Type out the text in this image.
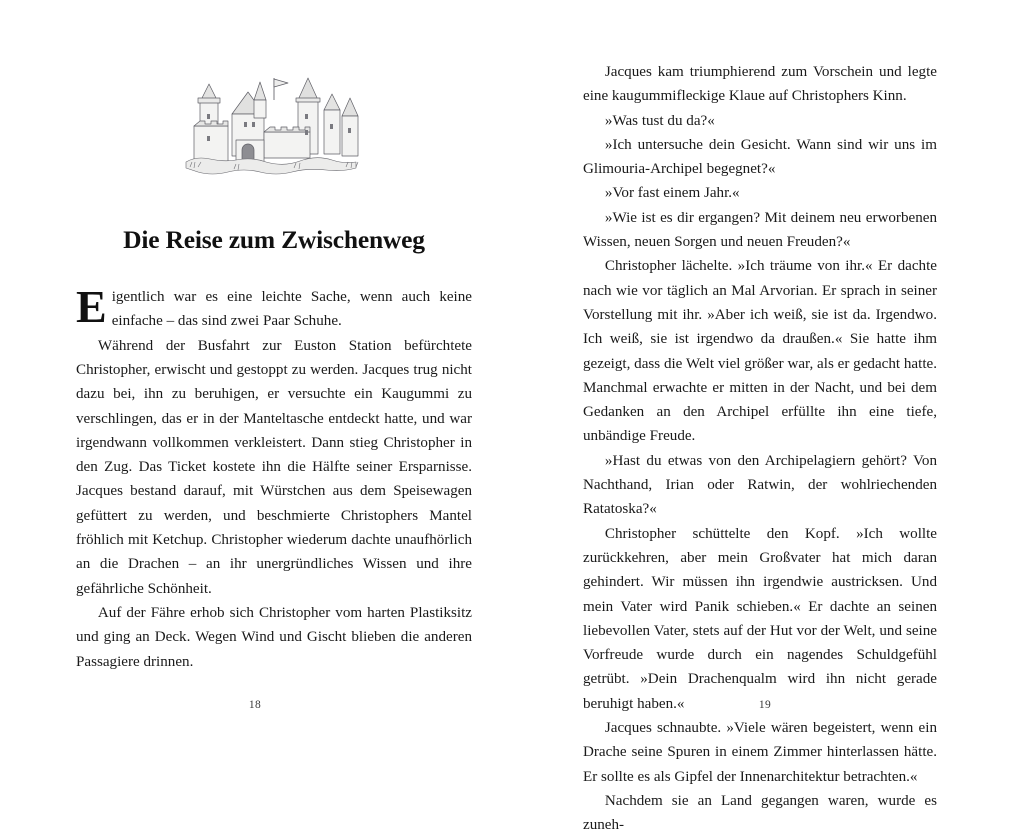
Die Reise zum Zwischenweg

Eigentlich war es eine leichte Sache, wenn auch keine einfache – das sind zwei Paar Schuhe.

Während der Busfahrt zur Euston Station befürchtete Christopher, erwischt und gestoppt zu werden. Jacques trug nicht dazu bei, ihn zu beruhigen, er versuchte ein Kaugummi zu verschlingen, das er in der Manteltasche entdeckt hatte, und war irgendwann vollkommen verkleistert. Dann stieg Christopher in den Zug. Das Ticket kostete ihn die Hälfte seiner Ersparnisse. Jacques bestand darauf, mit Würstchen aus dem Speisewagen gefüttert zu werden, und beschmierte Christophers Mantel fröhlich mit Ketchup. Christopher wiederum dachte unaufhörlich an die Drachen – an ihr unergründliches Wissen und ihre gefährliche Schönheit.

Auf der Fähre erhob sich Christopher vom harten Plastiksitz und ging an Deck. Wegen Wind und Gischt blieben die anderen Passagiere drinnen.

18

Jacques kam triumphierend zum Vorschein und legte eine kaugummifleckige Klaue auf Christophers Kinn.

»Was tust du da?«

»Ich untersuche dein Gesicht. Wann sind wir uns im Glimouria-Archipel begegnet?«

»Vor fast einem Jahr.«

»Wie ist es dir ergangen? Mit deinem neu erworbenen Wissen, neuen Sorgen und neuen Freuden?«

Christopher lächelte. »Ich träume von ihr.« Er dachte nach wie vor täglich an Mal Arvorian. Er sprach in seiner Vorstellung mit ihr. »Aber ich weiß, sie ist da. Irgendwo. Ich weiß, sie ist irgendwo da draußen.« Sie hatte ihm gezeigt, dass die Welt viel größer war, als er gedacht hatte. Manchmal erwachte er mitten in der Nacht, und bei dem Gedanken an den Archipel erfüllte ihn eine tiefe, unbändige Freude.

»Hast du etwas von den Archipelagiern gehört? Von Nachthand, Irian oder Ratwin, der wohlriechenden Ratatoska?«

Christopher schüttelte den Kopf. »Ich wollte zurückkehren, aber mein Großvater hat mich daran gehindert. Wir müssen ihn irgendwie austricksen. Und mein Vater wird Panik schieben.« Er dachte an seinen liebevollen Vater, stets auf der Hut vor der Welt, und seine Vorfreude wurde durch ein nagendes Schuldgefühl getrübt. »Dein Drachenqualm wird ihn nicht gerade beruhigt haben.«

Jacques schnaubte. »Viele wären begeistert, wenn ein Drache seine Spuren in einem Zimmer hinterlassen hätte. Er sollte es als Gipfel der Innenarchitektur betrachten.«

Nachdem sie an Land gegangen waren, wurde es zuneh-

19
